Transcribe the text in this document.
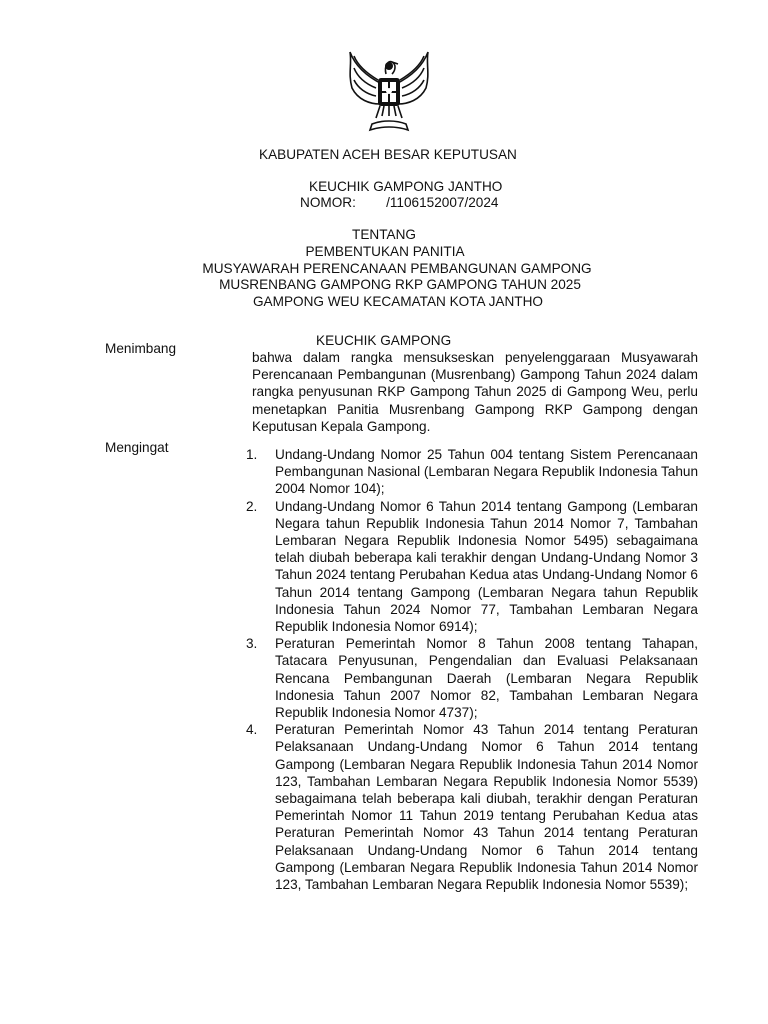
KABUPATEN ACEH BESAR KEPUTUSAN
KEUCHIK GAMPONG JANTHO
NOMOR:        /1106152007/2024
TENTANG
PEMBENTUKAN PANITIA
MUSYAWARAH PERENCANAAN PEMBANGUNAN GAMPONG
MUSRENBANG GAMPONG RKP GAMPONG TAHUN 2025
GAMPONG WEU KECAMATAN KOTA JANTHO
KEUCHIK GAMPONG
Menimbang
bahwa dalam rangka mensukseskan penyelenggaraan Musyawarah Perencanaan Pembangunan (Musrenbang) Gampong Tahun 2024 dalam rangka penyusunan RKP Gampong Tahun 2025 di Gampong Weu, perlu menetapkan Panitia Musrenbang Gampong RKP Gampong dengan Keputusan Kepala Gampong.
Mengingat	1. Undang-Undang Nomor 25 Tahun 004 tentang Sistem Perencanaan Pembangunan Nasional (Lembaran Negara Republik Indonesia Tahun 2004 Nomor 104);
2. Undang-Undang Nomor 6 Tahun 2014 tentang Gampong (Lembaran Negara tahun Republik Indonesia Tahun 2014 Nomor 7, Tambahan Lembaran Negara Republik Indonesia Nomor 5495) sebagaimana telah diubah beberapa kali terakhir dengan Undang-Undang Nomor 3 Tahun 2024 tentang Perubahan Kedua atas Undang-Undang Nomor 6 Tahun 2014 tentang Gampong (Lembaran Negara tahun Republik Indonesia Tahun 2024 Nomor 77, Tambahan Lembaran Negara Republik Indonesia Nomor 6914);
3. Peraturan Pemerintah Nomor 8 Tahun 2008 tentang Tahapan, Tatacara Penyusunan, Pengendalian dan Evaluasi Pelaksanaan Rencana Pembangunan Daerah (Lembaran Negara Republik Indonesia Tahun 2007 Nomor 82, Tambahan Lembaran Negara Republik Indonesia Nomor 4737);
4. Peraturan Pemerintah Nomor 43 Tahun 2014 tentang Peraturan Pelaksanaan Undang-Undang Nomor 6 Tahun 2014 tentang Gampong (Lembaran Negara Republik Indonesia Tahun 2014 Nomor 123, Tambahan Lembaran Negara Republik Indonesia Nomor 5539) sebagaimana telah beberapa kali diubah, terakhir dengan Peraturan Pemerintah Nomor 11 Tahun 2019 tentang Perubahan Kedua atas Peraturan Pemerintah Nomor 43 Tahun 2014 tentang Peraturan Pelaksanaan Undang-Undang Nomor 6 Tahun 2014 tentang Gampong (Lembaran Negara Republik Indonesia Tahun 2014 Nomor 123, Tambahan Lembaran Negara Republik Indonesia Nomor 5539);
